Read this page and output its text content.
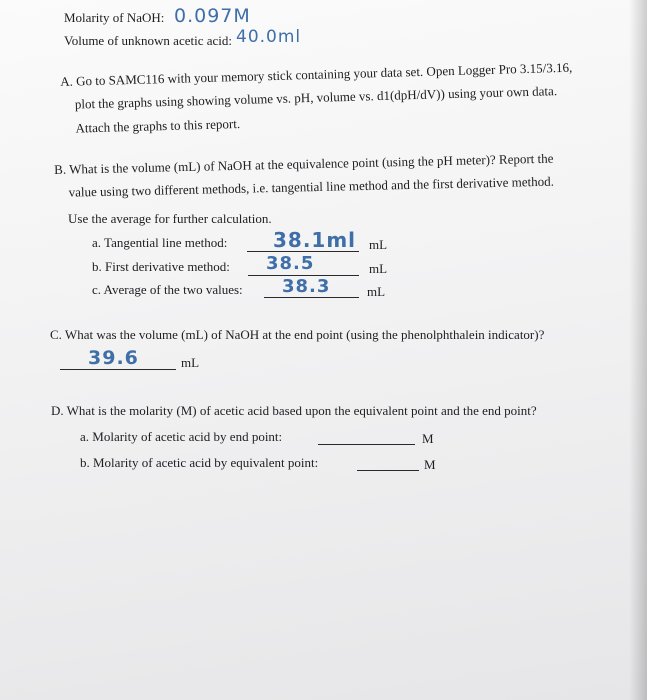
Molarity of NaOH: 0.097M
Volume of unknown acetic acid: 40.0ml
A. Go to SAMC116 with your memory stick containing your data set. Open Logger Pro 3.15/3.16,
plot the graphs using showing volume vs. pH, volume vs. d1(dpH/dV)) using your own data.
Attach the graphs to this report.
B. What is the volume (mL) of NaOH at the equivalence point (using the pH meter)? Report the
value using two different methods, i.e. tangential line method and the first derivative method.
Use the average for further calculation.
a. Tangential line method: 38.1ml mL
b. First derivative method: 38.5	mL
c. Average of the two values: 38.3	mL
C. What was the volume (mL) of NaOH at the end point (using the phenolphthalein indicator)?
39.6	mL
D. What is the molarity (M) of acetic acid based upon the equivalent point and the end point?
a. Molarity of acetic acid by end point:	M
b. Molarity of acetic acid by equivalent point:	M
